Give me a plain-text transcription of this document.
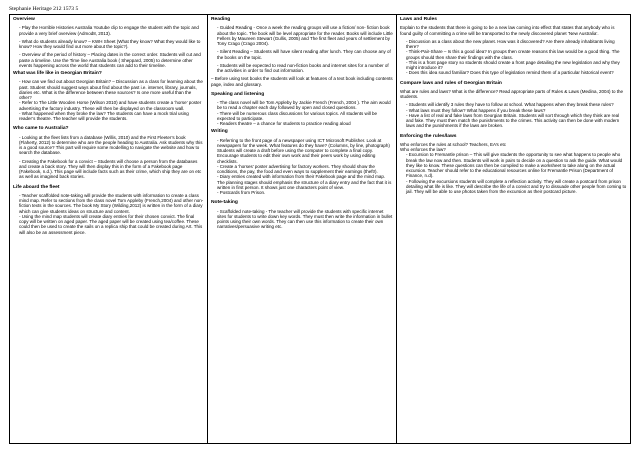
Stephanie Heritage 212 1573 5
Overview
- Play the Horrible Histories Australia Youtube clip to engage the student with the topic and provide a very brief overview (Admod8, 2013).
- What do students already know? – KWH Sheet (What they know? What they would like to know? How they would find out more about the topic?).
- Overview of the period of history – Placing dates in the correct order. Students will cut and paste a timeline. Use the Time line Australia book ( Sheppard, 2005) to determine other events happening across the world that students can add to their timeline.
What was life like in Georgian Britain?
- How can we find out about Georgian Britain? – Discussion as a class for learning about the past. Student should suggest ways about find about the past i.e. internet, library, journals, diaries etc. What is the difference between these sources? Is one more useful than the other?
- Refer to The Little Wooden Horse (Wilson 2010) and have students create a ‘horse’ poster advertising the factory industry. These will then be displayed on the classroom wall.
- What happened when they broke the law? The students can have a mock trial using reader’s theatre. The teacher will provide the students.
Who came to Australia?
- Looking at the fleet lists from a database (Willis, 2010) and the First Fleeter’s book (Flaherty, 2012) to determine who are the people heading to Australia. Ask students why this is a good source? This part will require some modelling to navigate the website and how to search the database.
- Creating the Fakebook for a convict – Students will choose a person from the databases and create a back story. They will then display this in the form of a Fakebook page (Fakebook, n.d.). This page will include facts such as their crime, which ship they are on etc as well as imagined back stories.
Life aboard the fleet
- Teacher scaffolded note-taking will provide the students with information to create a class mind map. Refer to sections from the class novel Tom Appleby (French,2004) and other non-fiction texts in the sources. The book My Story (Wilding,2012) is written in the form of a diary which can give students ideas on structure and content.
- Using the mind map students will create diary entries for their chosen convict. The final copy will be written on aged paper. The aged paper will be created using tea/coffee. These could then be used to create the sails on a replica ship that could be created during Art. This will also be an assessment piece.

Reading
- Guided Reading - Once a week the reading groups will use a fiction/ non- fiction book about the topic. The book will be level appropriate for the reader. Books will include Little Fellers by Maureen Stewart (Gullis, 2005) and The first fleet and years of settlement by Tony Crago (Crago 2004).
- Silent Reading – Students will have silent reading after lunch. They can choose any of the books on the topic.
- Students will be expected to read non-fiction books and internet sites for a number of the activities in order to find out information.
– Before using text books the students will look at features of a text book including contents page, index and glossary.
Speaking and listening
- The class novel will be Tom Appleby by Jackie French (French, 2004 ). The aim would be to read a chapter each day followed by open and closed questions.
- There will be numerous class discussions for various topics. All students will be expected to participate.
- Readers theatre – a chance for students to practice reading aloud
Writing
- Referring to the front page of a newspaper using ICT Microsoft Publisher. Look at newspapers for the week. What features do they have? (Columns, by line, photograph) Students will create a draft before using the computer to complete a final copy. Encourage students to edit their own work and their peers work by using editing checklists.
- Create a ‘horses’ poster advertising for factory workers. They should show the conditions, the pay, the food and even ways to supplement their earnings (theft!).
- Diary entries created with information from their Fakebook page and the mind map. The planning stages should emphasis the structure of a diary entry and the fact that it is written in first person. It shows just one characters point of view.
- Postcards from Prison.
Note-taking
- Scaffolded note-taking - The teacher will provide the students with specific internet sites for students to write down key words. They must then write the information in bullet points using their own words. They can then use this information to create their own narratives/persuasive writing etc.

Laws and Rules
Explain to the students that there is going to be a new law coming into effect that states that anybody who is found guilty of committing a crime will be transported to the newly discovered planet ‘New Australia’.
- Discussion as a class about the new planet. How was it discovered? Are there already inhabitants living there?
- Think-Pair-Share – Is this a good idea? In groups then create reasons this law would be a good thing. The groups should then share their findings with the class.
- This is a front page story so students should create a front page detailing the new legislation and why they might introduce it?
- Does this idea sound familiar? Does this type of legislation remind them of a particular historical event?
Compare laws and rules of Georgian Britain
What are rules and laws? What is the difference? Read appropriate parts of Rules & Laws (Medina, 2004) to the students.
- Students will identify 3 rules they have to follow at school. What happens when they break these rules?
- What laws must they follow? What happens if you break these laws?
- Have a list of real and fake laws from Georgian Britain. Students will sort through which they think are real and fake. They must then match the punishments to the crimes. This activity can then be done with modern laws and the punishments if the laws are broken.
Enforcing the rules/laws
Who enforces the rules at school? Teachers, EA’s etc
Who enforces the law?
- Excursion to Fremantle prison – This will give students the opportunity to see what happens to people who break the law now and then. Students will work in pairs to decide on a question to ask the guide. What would they like to know. These questions can then be compiled to make a worksheet to take along on the actual excursion. Teacher should refer to the educational resources online for Fremantle Prison (Department of Finance, n.d).
- Following the excursions students will complete a reflection activity. They will create a postcard from prison detailing what life is like. They will describe the life of a convict and try to dissuade other people from coming to jail. They will be able to use photos taken from the excursion as their postcard picture.
